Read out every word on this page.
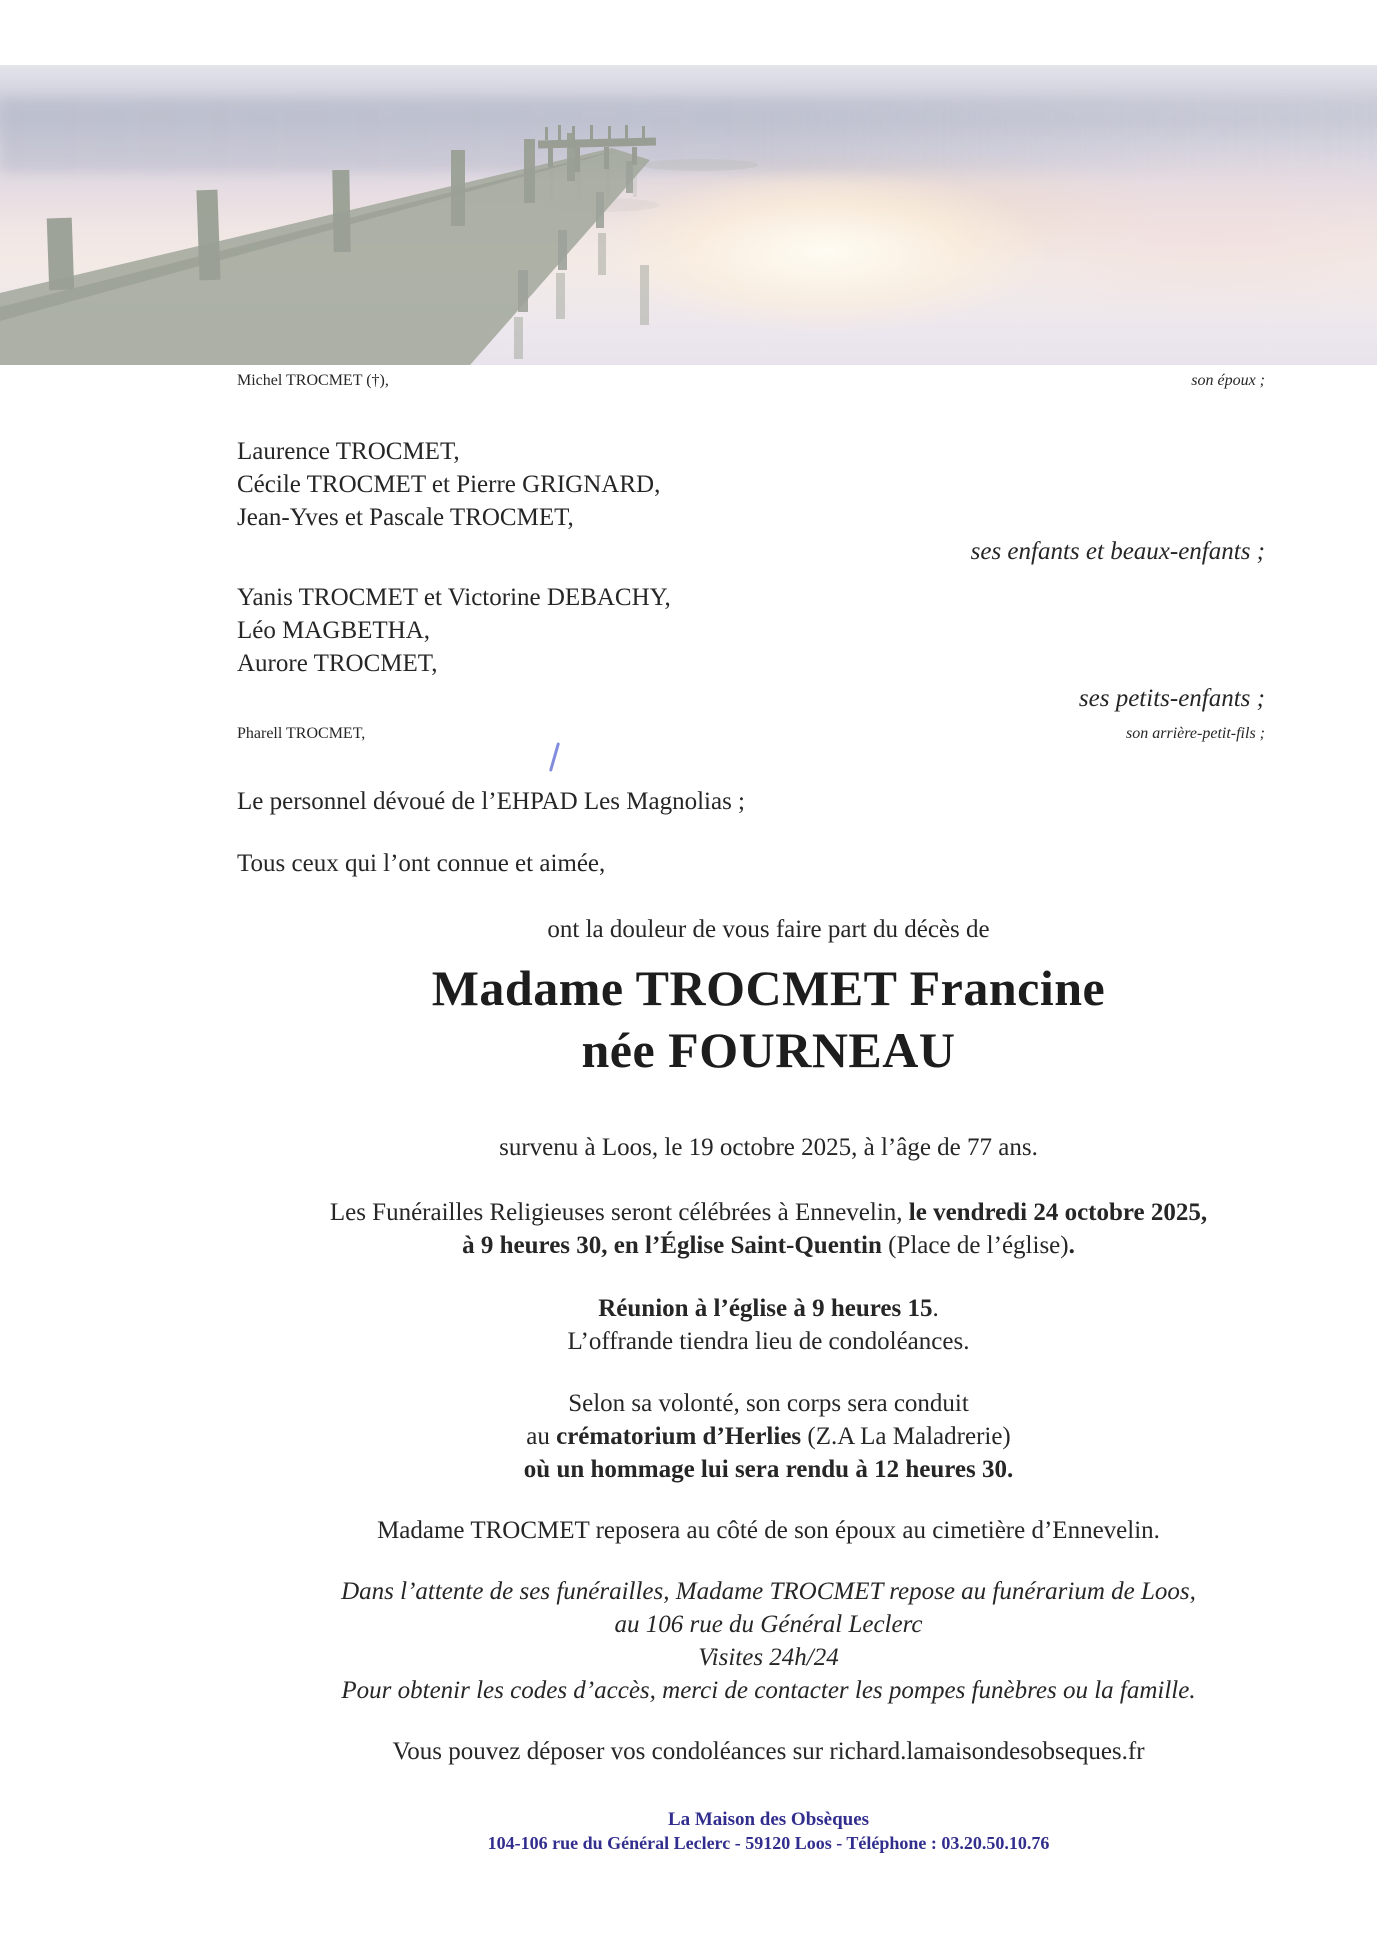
Michel TROCMET (†),	son époux ;
Laurence TROCMET,
Cécile TROCMET et Pierre GRIGNARD,
Jean-Yves et Pascale TROCMET,
ses enfants et beaux-enfants ;
Yanis TROCMET et Victorine DEBACHY,
Léo MAGBETHA,
Aurore TROCMET,
ses petits-enfants ;
Pharell TROCMET,	son arrière-petit-fils ;
Le personnel dévoué de l’EHPAD Les Magnolias ;
Tous ceux qui l’ont connue et aimée,
ont la douleur de vous faire part du décès de
Madame TROCMET Francine
née FOURNEAU
survenu à Loos, le 19 octobre 2025, à l’âge de 77 ans.
Les Funérailles Religieuses seront célébrées à Ennevelin, le vendredi 24 octobre 2025,
à 9 heures 30, en l’Église Saint-Quentin (Place de l’église).
Réunion à l’église à 9 heures 15.
L’offrande tiendra lieu de condoléances.
Selon sa volonté, son corps sera conduit
au crématorium d’Herlies (Z.A La Maladrerie)
où un hommage lui sera rendu à 12 heures 30.
Madame TROCMET reposera au côté de son époux au cimetière d’Ennevelin.
Dans l’attente de ses funérailles, Madame TROCMET repose au funérarium de Loos,
au 106 rue du Général Leclerc
Visites 24h/24
Pour obtenir les codes d’accès, merci de contacter les pompes funèbres ou la famille.
Vous pouvez déposer vos condoléances sur richard.lamaisondesobseques.fr
La Maison des Obsèques
104-106 rue du Général Leclerc - 59120 Loos - Téléphone : 03.20.50.10.76
